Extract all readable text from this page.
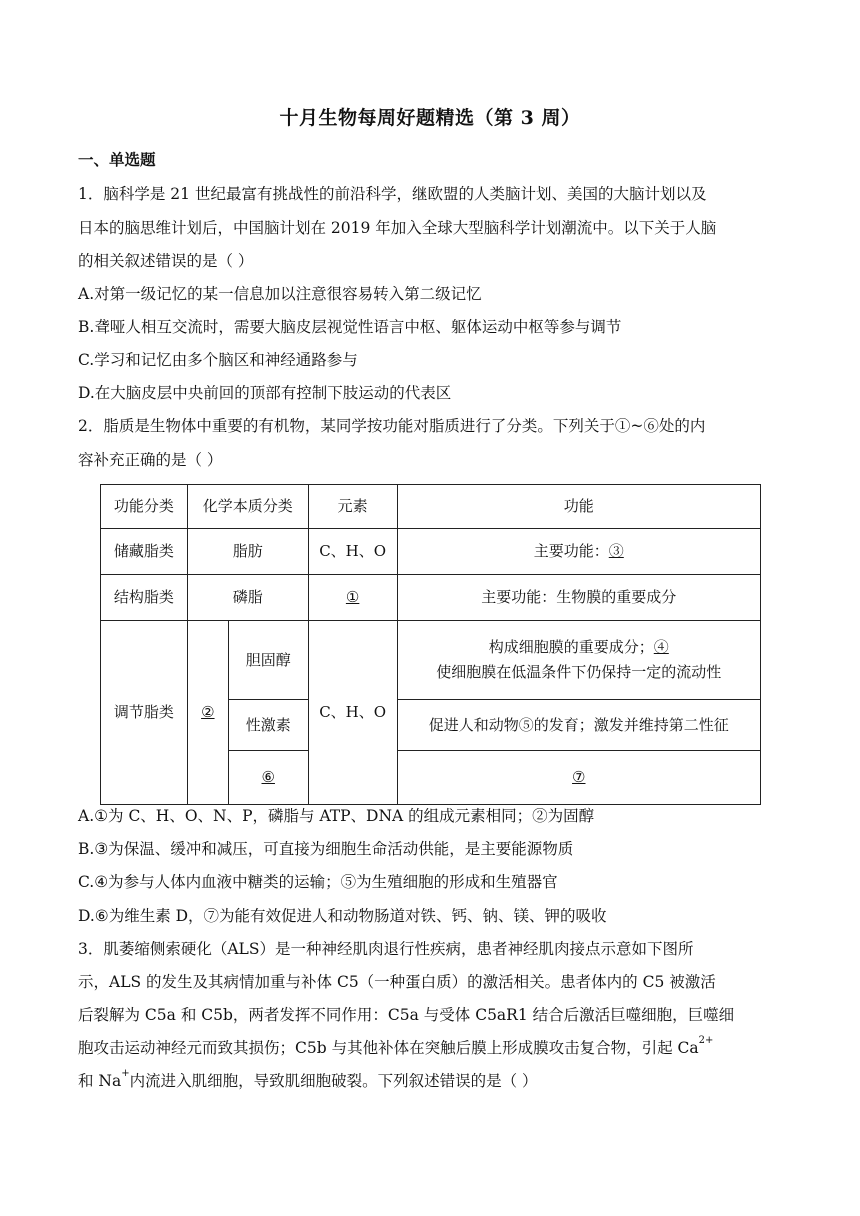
十月生物每周好题精选（第 3 周）
一、单选题
1．脑科学是 21 世纪最富有挑战性的前沿科学，继欧盟的人类脑计划、美国的大脑计划以及
日本的脑思维计划后，中国脑计划在 2019 年加入全球大型脑科学计划潮流中。以下关于人脑
的相关叙述错误的是（ ）
A.对第一级记忆的某一信息加以注意很容易转入第二级记忆
B.聋哑人相互交流时，需要大脑皮层视觉性语言中枢、躯体运动中枢等参与调节
C.学习和记忆由多个脑区和神经通路参与
D.在大脑皮层中央前回的顶部有控制下肢运动的代表区
2．脂质是生物体中重要的有机物，某同学按功能对脂质进行了分类。下列关于①~⑥处的内
容补充正确的是（ ）
功能分类	化学本质分类		元素	功能
储藏脂类	脂肪		C、H、O	主要功能：③
结构脂类	磷脂		①	主要功能：生物膜的重要成分
调节脂类	②	胆固醇	C、H、O	构成细胞膜的重要成分；④
使细胞膜在低温条件下仍保持一定的流动性

		性激素		促进人和动物⑤的发育；激发并维持第二性征
		⑥		⑦
A.①为 C、H、O、N、P，磷脂与 ATP、DNA 的组成元素相同；②为固醇
B.③为保温、缓冲和减压，可直接为细胞生命活动供能，是主要能源物质
C.④为参与人体内血液中糖类的运输；⑤为生殖细胞的形成和生殖器官
D.⑥为维生素 D，⑦为能有效促进人和动物肠道对铁、钙、钠、镁、钾的吸收
3．肌萎缩侧索硬化（ALS）是一种神经肌肉退行性疾病，患者神经肌肉接点示意如下图所
示，ALS 的发生及其病情加重与补体 C5（一种蛋白质）的激活相关。患者体内的 C5 被激活
后裂解为 C5a 和 C5b，两者发挥不同作用：C5a 与受体 C5aR1 结合后激活巨噬细胞，巨噬细
胞攻击运动神经元而致其损伤；C5b 与其他补体在突触后膜上形成膜攻击复合物，引起 $Ca^{2+}$
和 Na+内流进入肌细胞，导致肌细胞破裂。下列叙述错误的是（ ）
